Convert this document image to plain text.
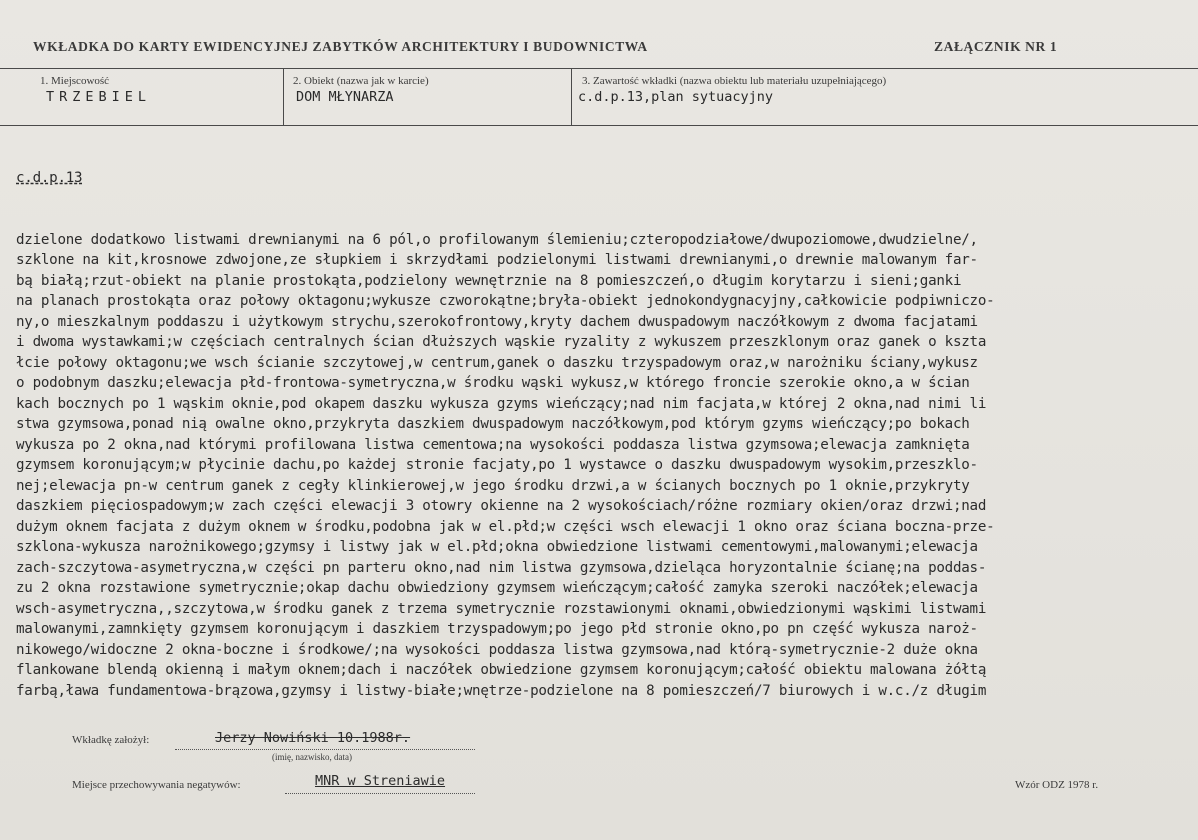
WKŁADKA DO KARTY EWIDENCYJNEJ ZABYTKÓW ARCHITEKTURY I BUDOWNICTWA	ZAŁĄCZNIK NR 1
1. Miejscowość
TRZEBIEL
2. Obiekt (nazwa jak w karcie)
DOM MŁYNARZA
3. Zawartość wkładki (nazwa obiektu lub materiału uzupełniającego)
c.d.p.13,plan sytuacyjny

c.d.p.13

dzielone dodatkowo listwami drewnianymi na 6 pól,o profilowanym ślemieniu;czteropodziałowe/dwupoziomowe,dwudzielne/,
szklone na kit,krosnowe zdwojone,ze słupkiem i skrzydłami podzielonymi listwami drewnianymi,o drewnie malowanym far-
bą białą;rzut-obiekt na planie prostokąta,podzielony wewnętrznie na 8 pomieszczeń,o długim korytarzu i sieni;ganki
na planach prostokąta oraz połowy oktagonu;wykusze czworokątne;bryła-obiekt jednokondygnacyjny,całkowicie podpiwniczo-
ny,o mieszkalnym poddaszu i użytkowym strychu,szerokofrontowy,kryty dachem dwuspadowym naczółkowym z dwoma facjatami
i dwoma wystawkami;w częściach centralnych ścian dłuższych wąskie ryzality z wykuszem przeszklonym oraz ganek o kszta
łcie połowy oktagonu;we wsch ścianie szczytowej,w centrum,ganek o daszku trzyspadowym oraz,w narożniku ściany,wykusz
o podobnym daszku;elewacja płd-frontowa-symetryczna,w środku wąski wykusz,w którego froncie szerokie okno,a w ścian
kach bocznych po 1 wąskim oknie,pod okapem daszku wykusza gzyms wieńczący;nad nim facjata,w której 2 okna,nad nimi li
stwa gzymsowa,ponad nią owalne okno,przykryta daszkiem dwuspadowym naczółkowym,pod którym gzyms wieńczący;po bokach
wykusza po 2 okna,nad którymi profilowana listwa cementowa;na wysokości poddasza listwa gzymsowa;elewacja zamknięta
gzymsem koronującym;w płycinie dachu,po każdej stronie facjaty,po 1 wystawce o daszku dwuspadowym wysokim,przeszklo-
nej;elewacja pn-w centrum ganek z cegły klinkierowej,w jego środku drzwi,a w ścianych bocznych po 1 oknie,przykryty
daszkiem pięciospadowym;w zach części elewacji 3 otowry okienne na 2 wysokościach/różne rozmiary okien/oraz drzwi;nad
dużym oknem facjata z dużym oknem w środku,podobna jak w el.płd;w części wsch elewacji 1 okno oraz ściana boczna-prze-
szklona-wykusza narożnikowego;gzymsy i listwy jak w el.płd;okna obwiedzione listwami cementowymi,malowanymi;elewacja
zach-szczytowa-asymetryczna,w części pn parteru okno,nad nim listwa gzymsowa,dzieląca horyzontalnie ścianę;na poddas-
zu 2 okna rozstawione symetrycznie;okap dachu obwiedziony gzymsem wieńczącym;całość zamyka szeroki naczółek;elewacja
wsch-asymetryczna,,szczytowa,w środku ganek z trzema symetrycznie rozstawionymi oknami,obwiedzionymi wąskimi listwami
malowanymi,zamnkięty gzymsem koronującym i daszkiem trzyspadowym;po jego płd stronie okno,po pn część wykusza naroż-
nikowego/widoczne 2 okna-boczne i środkowe/;na wysokości poddasza listwa gzymsowa,nad którą-symetrycznie-2 duże okna
flankowane blendą okienną i małym oknem;dach i naczółek obwiedzione gzymsem koronującym;całość obiektu malowana żółtą
farbą,ława fundamentowa-brązowa,gzymsy i listwy-białe;wnętrze-podzielone na 8 pomieszczeń/7 biurowych i w.c./z długim

Wkładkę założył:	Jerzy Nowiński 10.1988r.
(imię, nazwisko, data)
Miejsce przechowywania negatywów:	MNR w Streniawie	Wzór ODZ 1978 r.
